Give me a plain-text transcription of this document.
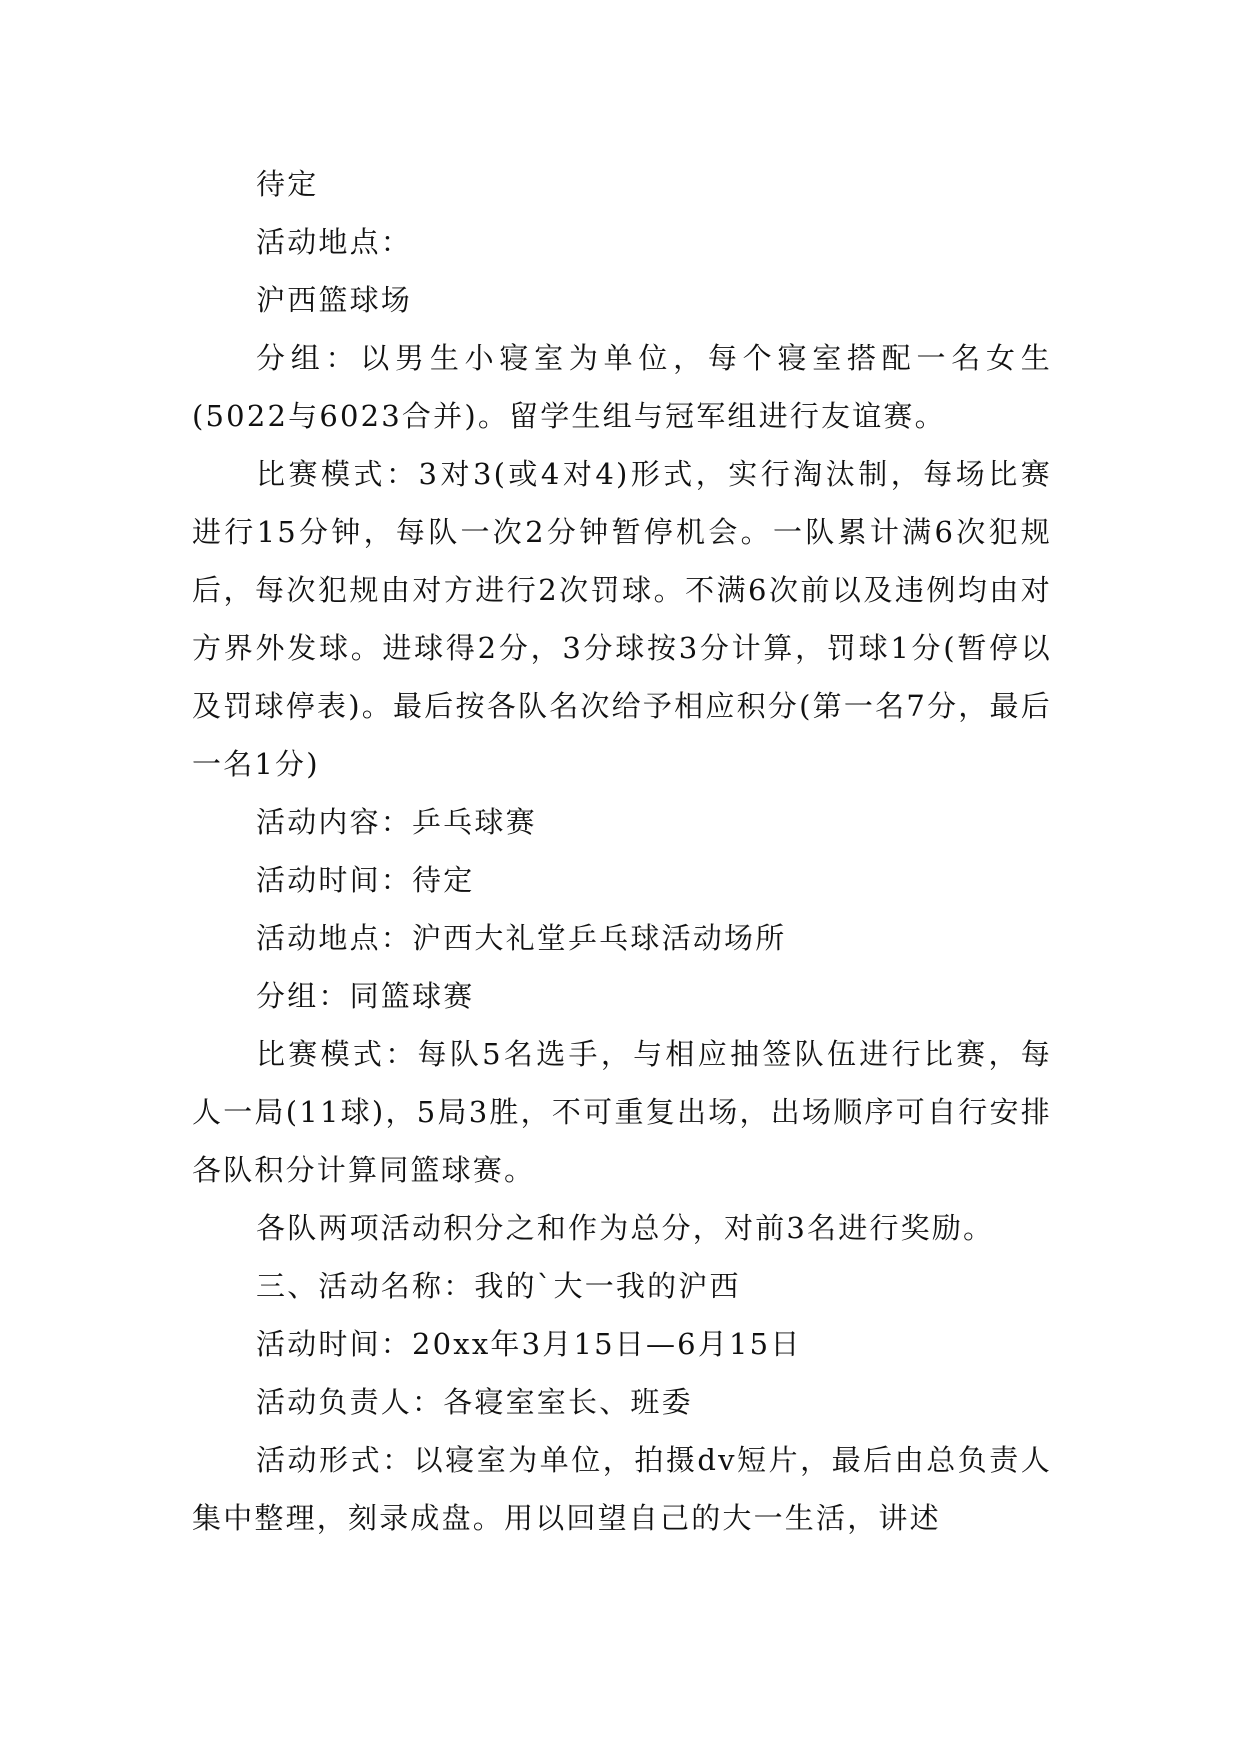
待定

活动地点：

沪西篮球场

分组：以男生小寝室为单位，每个寝室搭配一名女生(5022与6023合并)。留学生组与冠军组进行友谊赛。

比赛模式：3对3(或4对4)形式，实行淘汰制，每场比赛进行15分钟，每队一次2分钟暂停机会。一队累计满6次犯规后，每次犯规由对方进行2次罚球。不满6次前以及违例均由对方界外发球。进球得2分，3分球按3分计算，罚球1分(暂停以及罚球停表)。最后按各队名次给予相应积分(第一名7分，最后一名1分)

活动内容：乒乓球赛

活动时间：待定

活动地点：沪西大礼堂乒乓球活动场所

分组：同篮球赛

比赛模式：每队5名选手，与相应抽签队伍进行比赛，每人一局(11球)，5局3胜，不可重复出场，出场顺序可自行安排各队积分计算同篮球赛。

各队两项活动积分之和作为总分，对前3名进行奖励。

三、活动名称：我的`大一我的沪西

活动时间：20xx年3月15日—6月15日

活动负责人：各寝室室长、班委

活动形式：以寝室为单位，拍摄dv短片，最后由总负责人集中整理，刻录成盘。用以回望自己的大一生活，讲述
